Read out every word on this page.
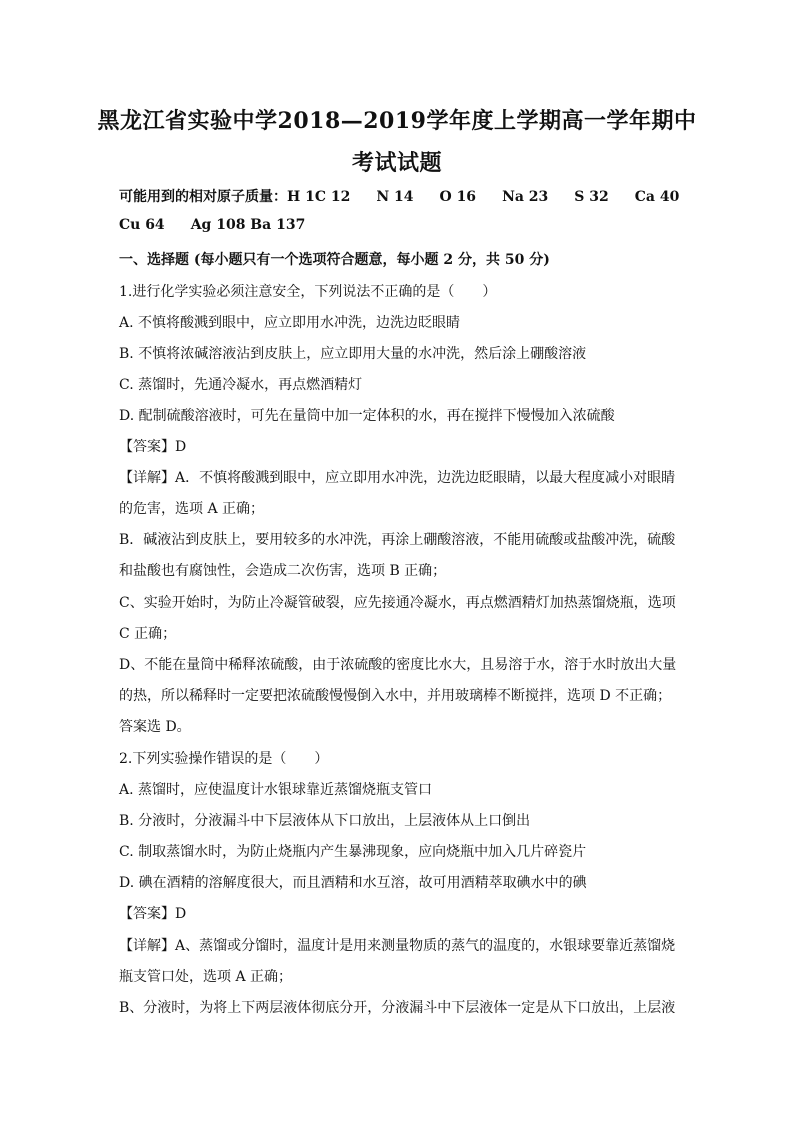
黑龙江省实验中学2018—2019学年度上学期高一学年期中
考试试题
可能用到的相对原子质量：H 1C 12 N 14 O 16 Na 23 S 32 Ca 40
Cu 64 Ag 108 Ba 137
一、选择题 (每小题只有一个选项符合题意，每小题 2 分，共 50 分)
1.进行化学实验必须注意安全，下列说法不正确的是（　　）
A. 不慎将酸溅到眼中，应立即用水冲洗，边洗边眨眼睛
B. 不慎将浓碱溶液沾到皮肤上，应立即用大量的水冲洗，然后涂上硼酸溶液
C. 蒸馏时，先通冷凝水，再点燃酒精灯
D. 配制硫酸溶液时，可先在量筒中加一定体积的水，再在搅拌下慢慢加入浓硫酸
【答案】D
【详解】A．不慎将酸溅到眼中，应立即用水冲洗，边洗边眨眼睛，以最大程度减小对眼睛
的危害，选项 A 正确；
B．碱液沾到皮肤上，要用较多的水冲洗，再涂上硼酸溶液，不能用硫酸或盐酸冲洗，硫酸
和盐酸也有腐蚀性，会造成二次伤害，选项 B 正确；
C、实验开始时，为防止冷凝管破裂，应先接通冷凝水，再点燃酒精灯加热蒸馏烧瓶，选项
C 正确；
D、不能在量筒中稀释浓硫酸，由于浓硫酸的密度比水大，且易溶于水，溶于水时放出大量
的热，所以稀释时一定要把浓硫酸慢慢倒入水中，并用玻璃棒不断搅拌，选项 D 不正确；
答案选 D。
2.下列实验操作错误的是（　　）
A. 蒸馏时，应使温度计水银球靠近蒸馏烧瓶支管口
B. 分液时，分液漏斗中下层液体从下口放出，上层液体从上口倒出
C. 制取蒸馏水时，为防止烧瓶内产生暴沸现象，应向烧瓶中加入几片碎瓷片
D. 碘在酒精的溶解度很大，而且酒精和水互溶，故可用酒精萃取碘水中的碘
【答案】D
【详解】A、蒸馏或分馏时，温度计是用来测量物质的蒸气的温度的，水银球要靠近蒸馏烧
瓶支管口处，选项 A 正确；
B、分液时，为将上下两层液体彻底分开，分液漏斗中下层液体一定是从下口放出，上层液
